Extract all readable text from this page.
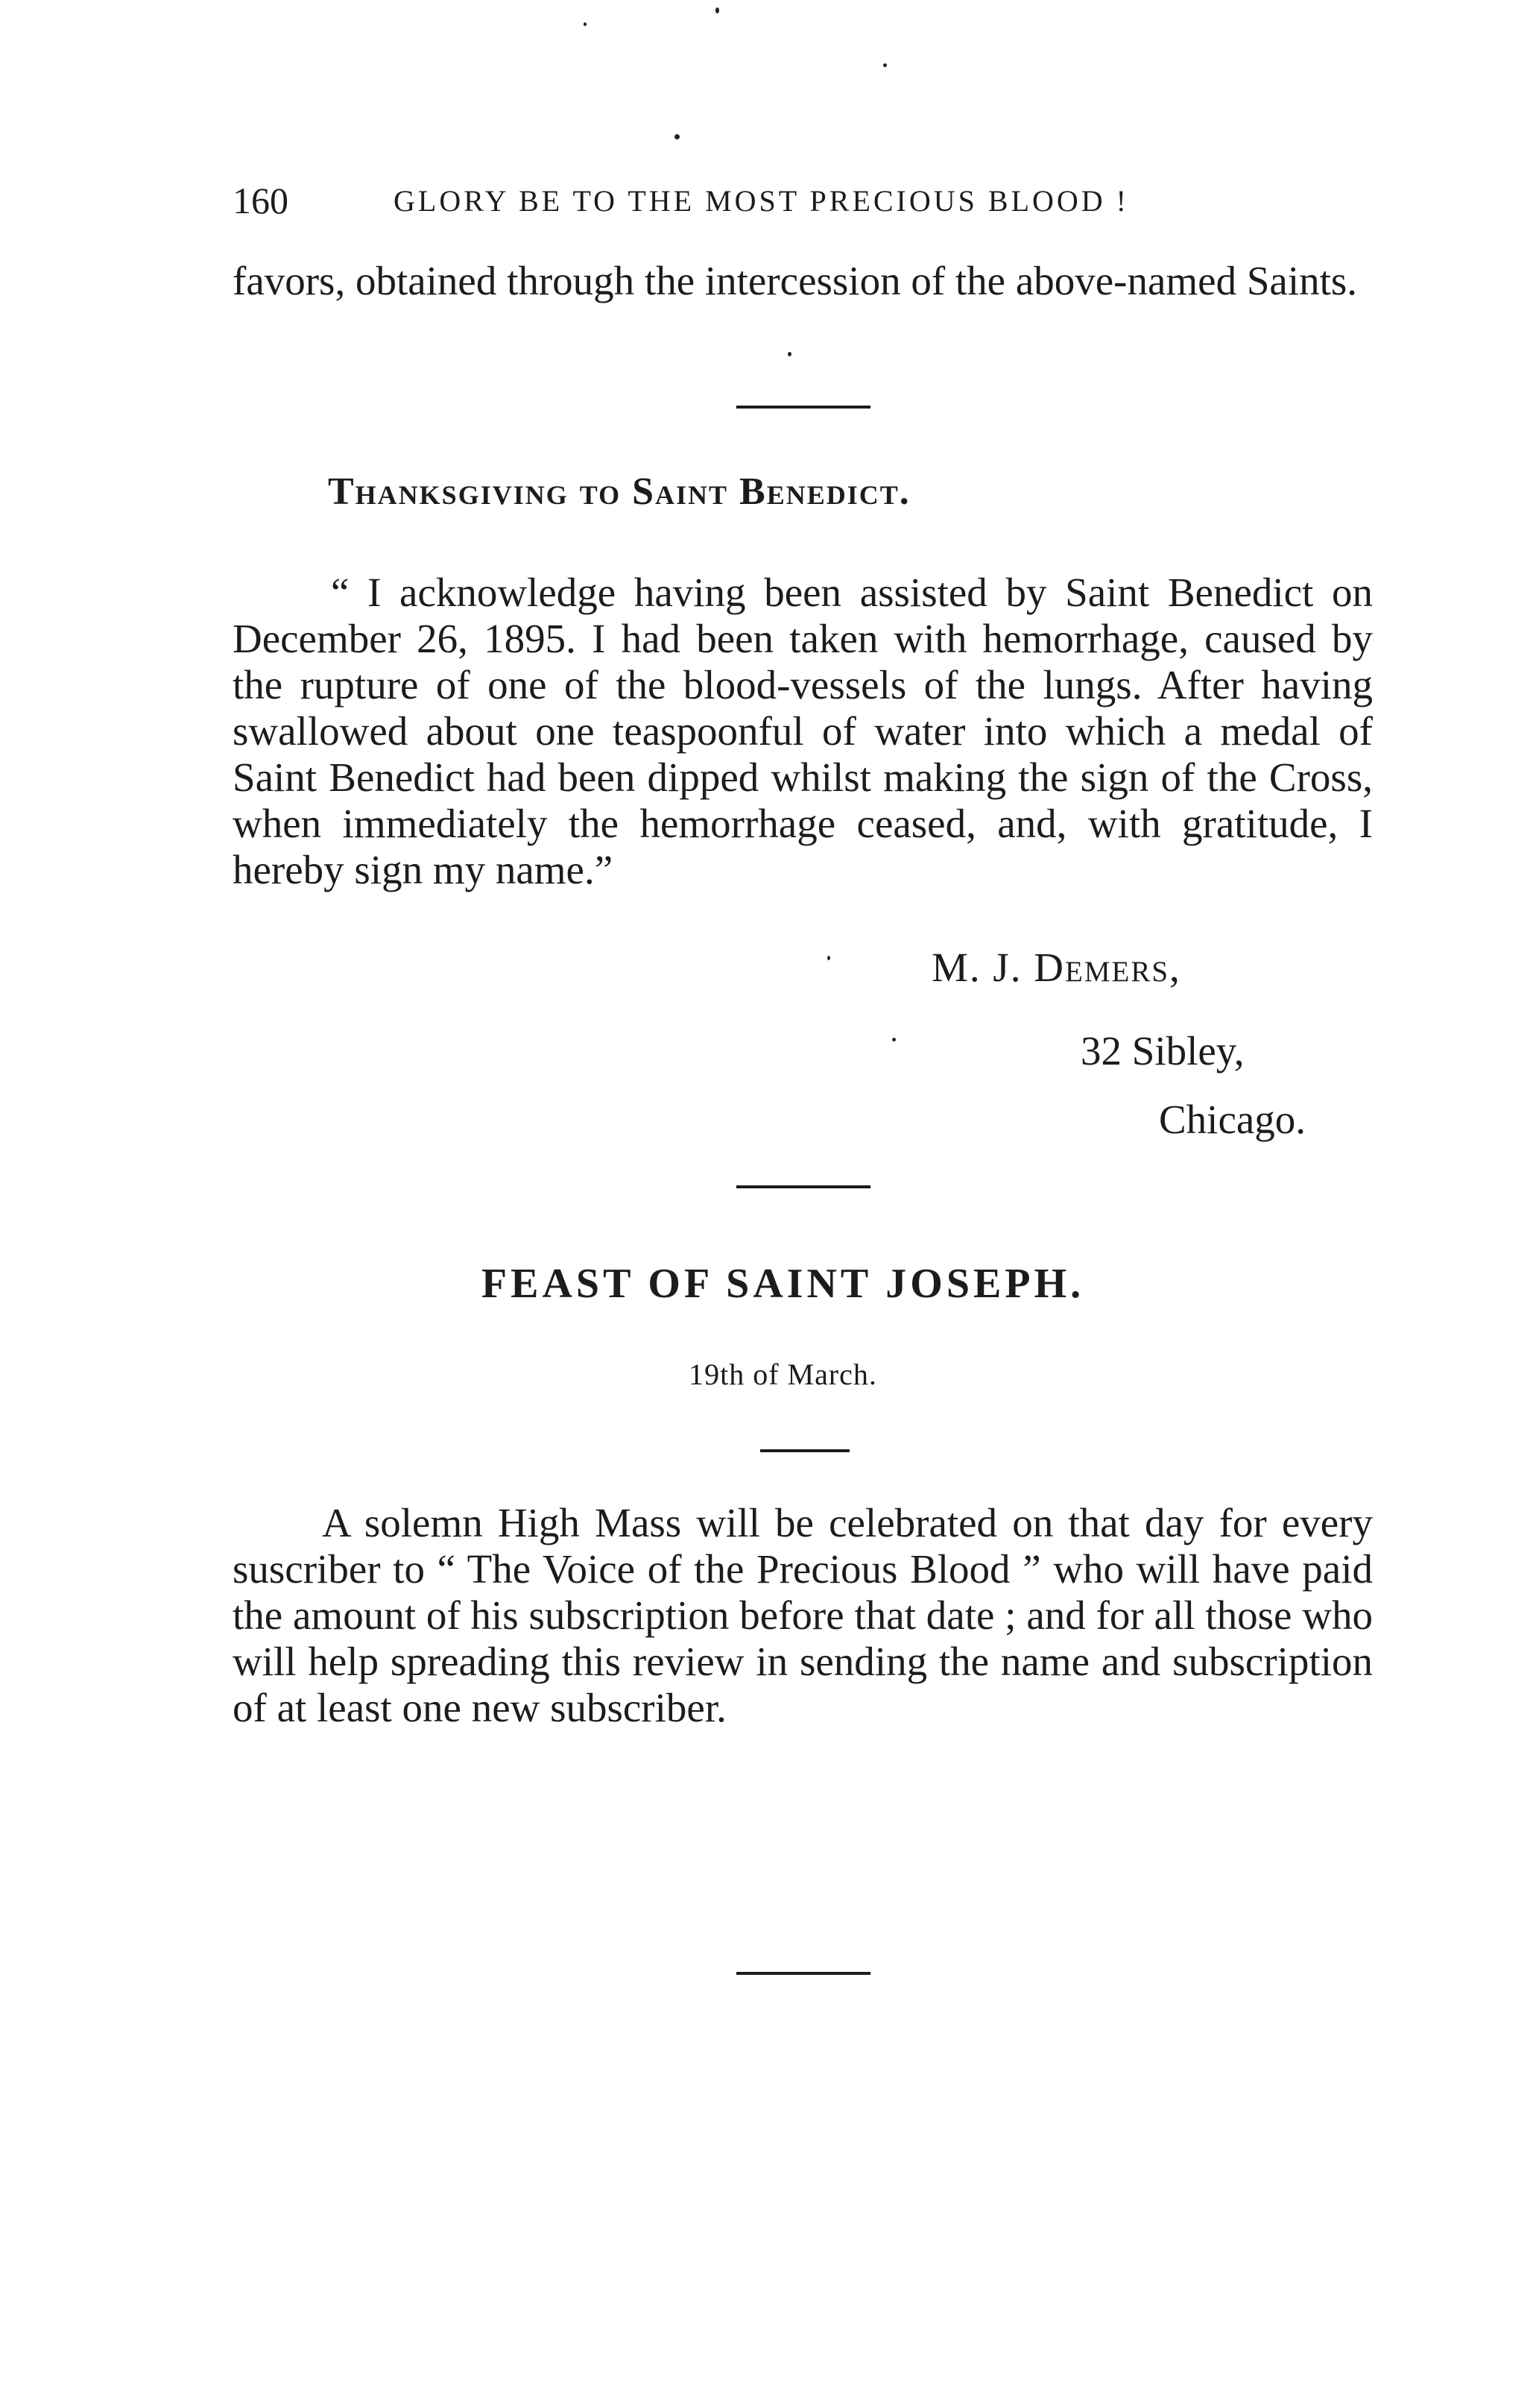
160	GLORY BE TO THE MOST PRECIOUS BLOOD !

favors, obtained through the intercession of the above-named Saints.

Thanksgiving to Saint Benedict.

“ I acknowledge having been assisted by Saint Benedict on December 26, 1895. I had been taken with hemorrhage, caused by the rupture of one of the blood-vessels of the lungs. After having swallowed about one teaspoonful of water into which a medal of Saint Benedict had been dipped whilst making the sign of the Cross, when immediately the hemorrhage ceased, and, with gratitude, I hereby sign my name.”

M. J. Demers,

32 Sibley,

Chicago.

FEAST OF SAINT JOSEPH.

19th of March.

A solemn High Mass will be celebrated on that day for every suscriber to “ The Voice of the Precious Blood ” who will have paid the amount of his subscription before that date ; and for all those who will help spreading this review in sending the name and subscription of at least one new subscriber.
